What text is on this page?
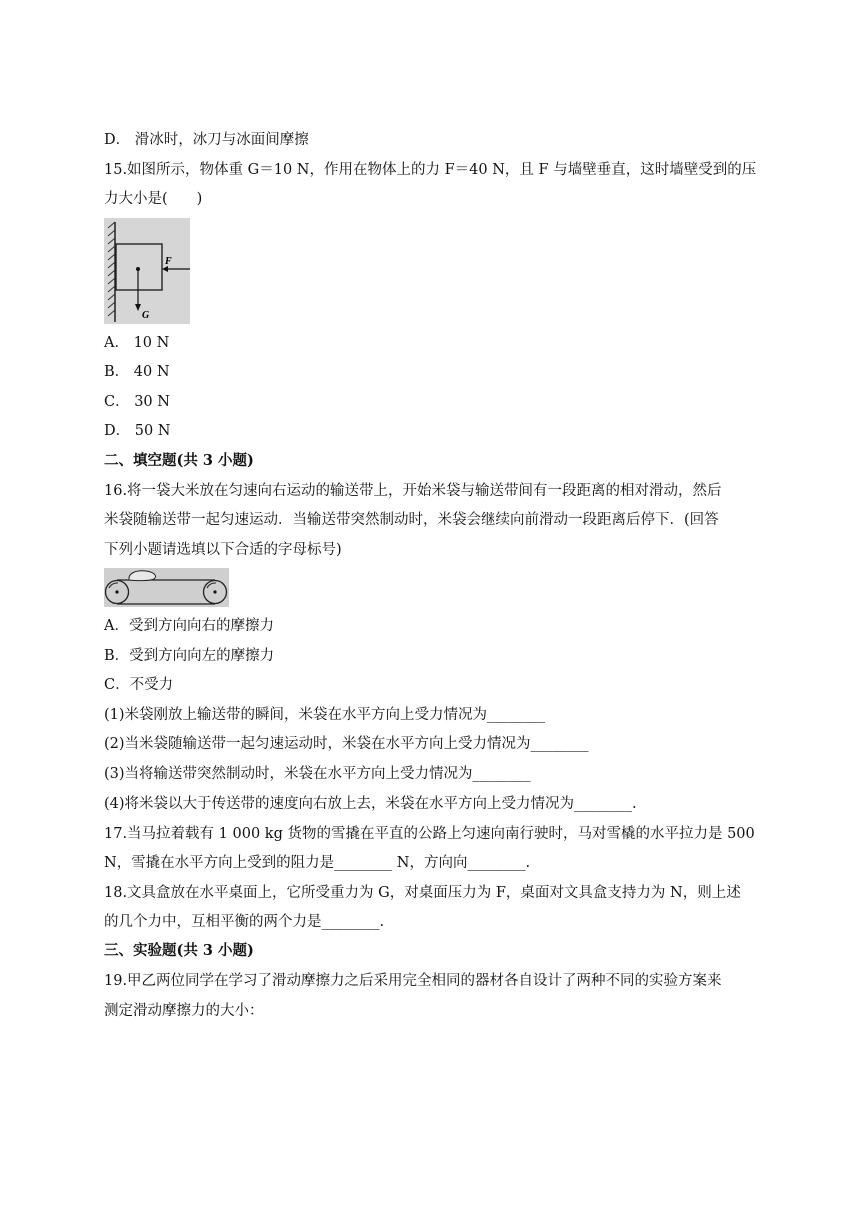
D． 滑冰时，冰刀与冰面间摩擦
15.如图所示，物体重 G＝10 N，作用在物体上的力 F＝40 N，且 F 与墙壁垂直，这时墙壁受到的压
力大小是(　　)
F
G
A． 10 N
B． 40 N
C． 30 N
D． 50 N
二、填空题(共 3 小题)
16.将一袋大米放在匀速向右运动的输送带上，开始米袋与输送带间有一段距离的相对滑动，然后
米袋随输送带一起匀速运动．当输送带突然制动时，米袋会继续向前滑动一段距离后停下．(回答
下列小题请选填以下合适的字母标号)
A．受到方向向右的摩擦力
B．受到方向向左的摩擦力
C．不受力
(1)米袋刚放上输送带的瞬间，米袋在水平方向上受力情况为________
(2)当米袋随输送带一起匀速运动时，米袋在水平方向上受力情况为________
(3)当将输送带突然制动时，米袋在水平方向上受力情况为________
(4)将米袋以大于传送带的速度向右放上去，米袋在水平方向上受力情况为________.
17.当马拉着载有 1 000 kg 货物的雪撬在平直的公路上匀速向南行驶时，马对雪橇的水平拉力是 500
N，雪撬在水平方向上受到的阻力是________ N，方向向________.
18.文具盒放在水平桌面上，它所受重力为 G，对桌面压力为 F，桌面对文具盒支持力为 N，则上述
的几个力中，互相平衡的两个力是________.
三、实验题(共 3 小题)
19.甲乙两位同学在学习了滑动摩擦力之后采用完全相同的器材各自设计了两种不同的实验方案来
测定滑动摩擦力的大小：
